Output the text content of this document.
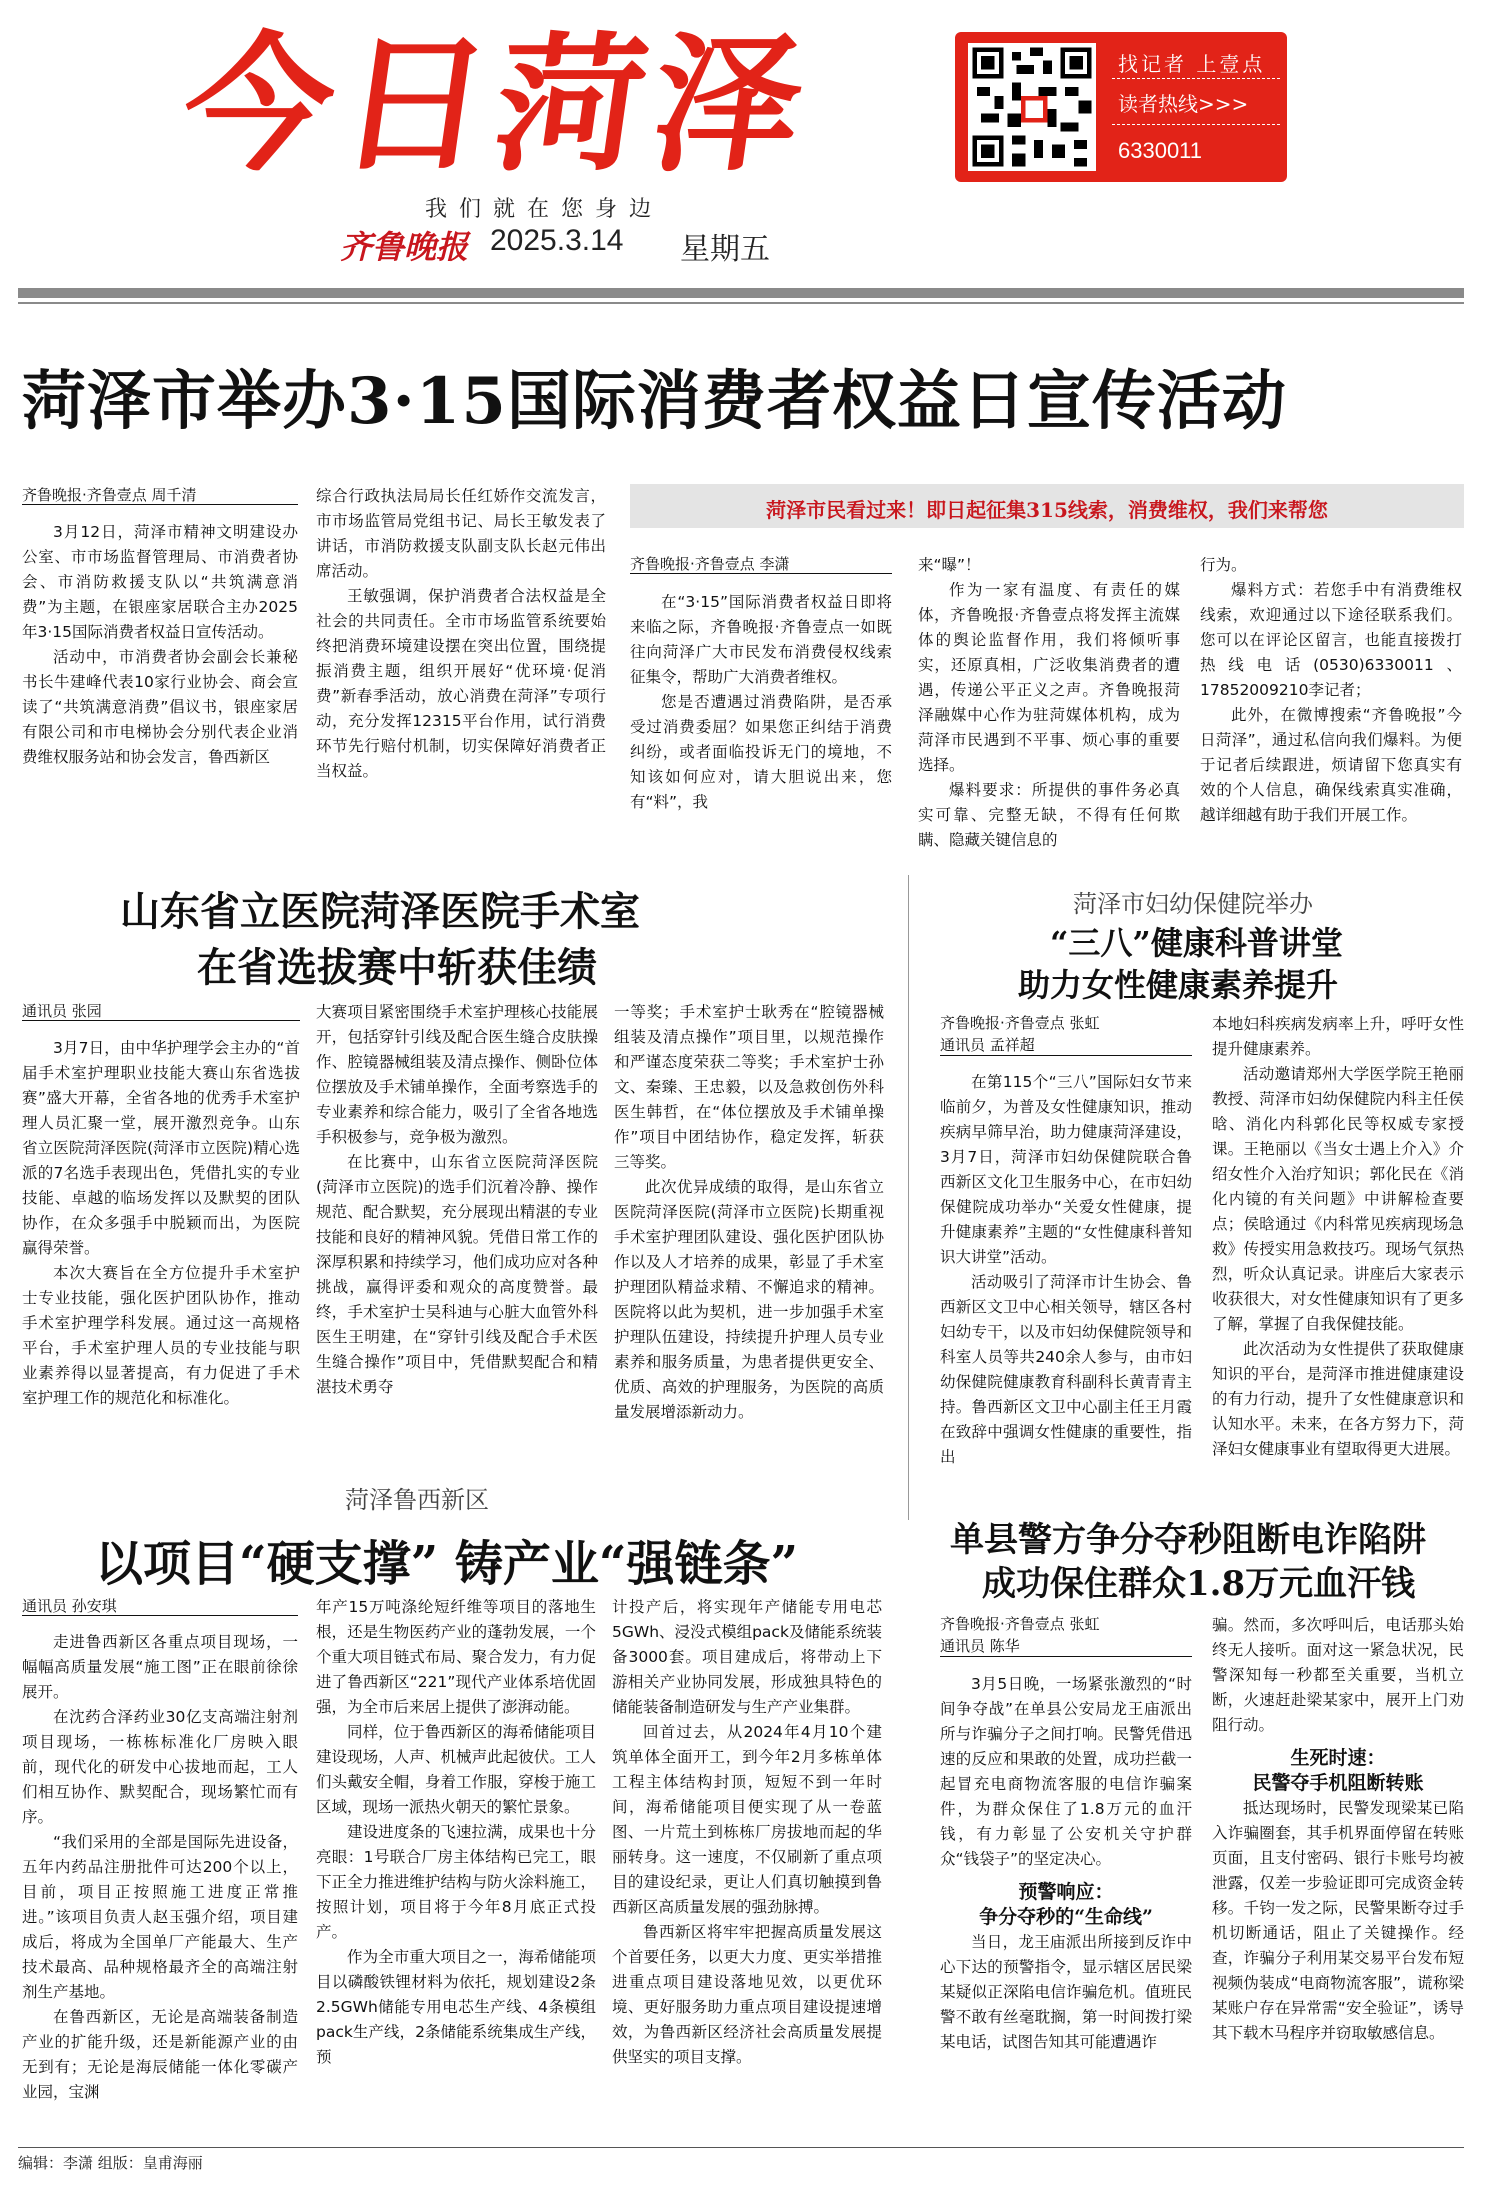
今日菏泽	找记者 上壹点
读者热线>>>
6330011
我们就在您身边
齐鲁晚报 2025.3.14 星期五
菏泽市举办3·15国际消费者权益日宣传活动
齐鲁晚报·齐鲁壹点 周千清

3月12日，菏泽市精神文明建设办公室、市市场监督管理局、市消费者协会、市消防救援支队以“共筑满意消费”为主题，在银座家居联合主办2025年3·15国际消费者权益日宣传活动。

活动中，市消费者协会副会长兼秘书长牛建峰代表10家行业协会、商会宣读了“共筑满意消费”倡议书，银座家居有限公司和市电梯协会分别代表企业消费维权服务站和协会发言，鲁西新区

综合行政执法局局长任红娇作交流发言，市市场监管局党组书记、局长王敏发表了讲话，市消防救援支队副支队长赵元伟出席活动。

王敏强调，保护消费者合法权益是全社会的共同责任。全市市场监管系统要始终把消费环境建设摆在突出位置，围绕提振消费主题，组织开展好“优环境·促消费”新春季活动，放心消费在菏泽”专项行动，充分发挥12315平台作用，试行消费环节先行赔付机制，切实保障好消费者正当权益。

菏泽市民看过来！即日起征集315线索，消费维权，我们来帮您
齐鲁晚报·齐鲁壹点 李潇

在“3·15”国际消费者权益日即将来临之际，齐鲁晚报·齐鲁壹点一如既往向菏泽广大市民发布消费侵权线索征集令，帮助广大消费者维权。

您是否遭遇过消费陷阱，是否承受过消费委屈？如果您正纠结于消费纠纷，或者面临投诉无门的境地，不知该如何应对，请大胆说出来，您有“料”，我

来“曝”！

作为一家有温度、有责任的媒体，齐鲁晚报·齐鲁壹点将发挥主流媒体的舆论监督作用，我们将倾听事实，还原真相，广泛收集消费者的遭遇，传递公平正义之声。齐鲁晚报菏泽融媒中心作为驻菏媒体机构，成为菏泽市民遇到不平事、烦心事的重要选择。

爆料要求：所提供的事件务必真实可靠、完整无缺，不得有任何欺瞒、隐藏关键信息的

行为。

爆料方式：若您手中有消费维权线索，欢迎通过以下途径联系我们。您可以在评论区留言，也能直接拨打热线电话(0530)6330011、17852009210李记者；

此外，在微博搜索“齐鲁晚报”今日菏泽”，通过私信向我们爆料。为便于记者后续跟进，烦请留下您真实有效的个人信息，确保线索真实准确，越详细越有助于我们开展工作。

山东省立医院菏泽医院手术室
在省选拔赛中斩获佳绩
通讯员 张园

3月7日，由中华护理学会主办的“首届手术室护理职业技能大赛山东省选拔赛”盛大开幕，全省各地的优秀手术室护理人员汇聚一堂，展开激烈竞争。山东省立医院菏泽医院(菏泽市立医院)精心选派的7名选手表现出色，凭借扎实的专业技能、卓越的临场发挥以及默契的团队协作，在众多强手中脱颖而出，为医院赢得荣誉。

本次大赛旨在全方位提升手术室护士专业技能，强化医护团队协作，推动手术室护理学科发展。通过这一高规格平台，手术室护理人员的专业技能与职业素养得以显著提高，有力促进了手术室护理工作的规范化和标准化。

大赛项目紧密围绕手术室护理核心技能展开，包括穿针引线及配合医生缝合皮肤操作、腔镜器械组装及清点操作、侧卧位体位摆放及手术铺单操作，全面考察选手的专业素养和综合能力，吸引了全省各地选手积极参与，竞争极为激烈。

在比赛中，山东省立医院菏泽医院(菏泽市立医院)的选手们沉着冷静、操作规范、配合默契，充分展现出精湛的专业技能和良好的精神风貌。凭借日常工作的深厚积累和持续学习，他们成功应对各种挑战，赢得评委和观众的高度赞誉。最终，手术室护士吴科迪与心脏大血管外科医生王明建，在“穿针引线及配合手术医生缝合操作”项目中，凭借默契配合和精湛技术勇夺

一等奖；手术室护士耿秀在“腔镜器械组装及清点操作”项目里，以规范操作和严谨态度荣获二等奖；手术室护士孙文、秦臻、王忠毅，以及急救创伤外科医生韩哲，在“体位摆放及手术铺单操作”项目中团结协作，稳定发挥，斩获三等奖。

此次优异成绩的取得，是山东省立医院菏泽医院(菏泽市立医院)长期重视手术室护理团队建设、强化医护团队协作以及人才培养的成果，彰显了手术室护理团队精益求精、不懈追求的精神。医院将以此为契机，进一步加强手术室护理队伍建设，持续提升护理人员专业素养和服务质量，为患者提供更安全、优质、高效的护理服务，为医院的高质量发展增添新动力。

菏泽市妇幼保健院举办
“三八”健康科普讲堂
助力女性健康素养提升
齐鲁晚报·齐鲁壹点 张虹
通讯员 孟祥超

在第115个“三八”国际妇女节来临前夕，为普及女性健康知识，推动疾病早筛早治，助力健康菏泽建设，3月7日，菏泽市妇幼保健院联合鲁西新区文化卫生服务中心，在市妇幼保健院成功举办“关爱女性健康，提升健康素养”主题的“女性健康科普知识大讲堂”活动。

活动吸引了菏泽市计生协会、鲁西新区文卫中心相关领导，辖区各村妇幼专干，以及市妇幼保健院领导和科室人员等共240余人参与，由市妇幼保健院健康教育科副科长黄青青主持。鲁西新区文卫中心副主任王月霞在致辞中强调女性健康的重要性，指出

本地妇科疾病发病率上升，呼吁女性提升健康素养。

活动邀请郑州大学医学院王艳丽教授、菏泽市妇幼保健院内科主任侯晗、消化内科郭化民等权威专家授课。王艳丽以《当女士遇上介入》介绍女性介入治疗知识；郭化民在《消化内镜的有关问题》中讲解检查要点；侯晗通过《内科常见疾病现场急救》传授实用急救技巧。现场气氛热烈，听众认真记录。讲座后大家表示收获很大，对女性健康知识有了更多了解，掌握了自我保健技能。

此次活动为女性提供了获取健康知识的平台，是菏泽市推进健康建设的有力行动，提升了女性健康意识和认知水平。未来，在各方努力下，菏泽妇女健康事业有望取得更大进展。

菏泽鲁西新区
以项目“硬支撑” 铸产业“强链条”
通讯员 孙安琪

走进鲁西新区各重点项目现场，一幅幅高质量发展“施工图”正在眼前徐徐展开。

在沈药合泽药业30亿支高端注射剂项目现场，一栋栋标准化厂房映入眼前，现代化的研发中心拔地而起，工人们相互协作、默契配合，现场繁忙而有序。

“我们采用的全部是国际先进设备，五年内药品注册批件可达200个以上，目前，项目正按照施工进度正常推进。”该项目负责人赵玉强介绍，项目建成后，将成为全国单厂产能最大、生产技术最高、品种规格最齐全的高端注射剂生产基地。

在鲁西新区，无论是高端装备制造产业的扩能升级，还是新能源产业的由无到有；无论是海辰储能一体化零碳产业园，宝渊

年产15万吨涤纶短纤维等项目的落地生根，还是生物医药产业的蓬勃发展，一个个重大项目链式布局、聚合发力，有力促进了鲁西新区“221”现代产业体系培优固强，为全市后来居上提供了澎湃动能。

同样，位于鲁西新区的海希储能项目建设现场，人声、机械声此起彼伏。工人们头戴安全帽，身着工作服，穿梭于施工区域，现场一派热火朝天的繁忙景象。

建设进度条的飞速拉满，成果也十分亮眼：1号联合厂房主体结构已完工，眼下正全力推进维护结构与防火涂料施工，按照计划，项目将于今年8月底正式投产。

作为全市重大项目之一，海希储能项目以磷酸铁锂材料为依托，规划建设2条2.5GWh储能专用电芯生产线、4条模组pack生产线，2条储能系统集成生产线，预

计投产后，将实现年产储能专用电芯5GWh、浸没式模组pack及储能系统装备3000套。项目建成后，将带动上下游相关产业协同发展，形成独具特色的储能装备制造研发与生产产业集群。

回首过去，从2024年4月10个建筑单体全面开工，到今年2月多栋单体工程主体结构封顶，短短不到一年时间，海希储能项目便实现了从一卷蓝图、一片荒土到栋栋厂房拔地而起的华丽转身。这一速度，不仅刷新了重点项目的建设纪录，更让人们真切触摸到鲁西新区高质量发展的强劲脉搏。

鲁西新区将牢牢把握高质量发展这个首要任务，以更大力度、更实举措推进重点项目建设落地见效，以更优环境、更好服务助力重点项目建设提速增效，为鲁西新区经济社会高质量发展提供坚实的项目支撑。

单县警方争分夺秒阻断电诈陷阱
成功保住群众1.8万元血汗钱
齐鲁晚报·齐鲁壹点 张虹
通讯员 陈华

3月5日晚，一场紧张激烈的“时间争夺战”在单县公安局龙王庙派出所与诈骗分子之间打响。民警凭借迅速的反应和果敢的处置，成功拦截一起冒充电商物流客服的电信诈骗案件，为群众保住了1.8万元的血汗钱，有力彰显了公安机关守护群众“钱袋子”的坚定决心。

预警响应：
争分夺秒的“生命线”

当日，龙王庙派出所接到反诈中心下达的预警指令，显示辖区居民梁某疑似正深陷电信诈骗危机。值班民警不敢有丝毫耽搁，第一时间拨打梁某电话，试图告知其可能遭遇诈

骗。然而，多次呼叫后，电话那头始终无人接听。面对这一紧急状况，民警深知每一秒都至关重要，当机立断，火速赶赴梁某家中，展开上门劝阻行动。

生死时速：
民警夺手机阻断转账

抵达现场时，民警发现梁某已陷入诈骗圈套，其手机界面停留在转账页面，且支付密码、银行卡账号均被泄露，仅差一步验证即可完成资金转移。千钧一发之际，民警果断夺过手机切断通话，阻止了关键操作。经查，诈骗分子利用某交易平台发布短视频伪装成“电商物流客服”，谎称梁某账户存在异常需“安全验证”，诱导其下载木马程序并窃取敏感信息。

编辑：李潇 组版：皇甫海丽
